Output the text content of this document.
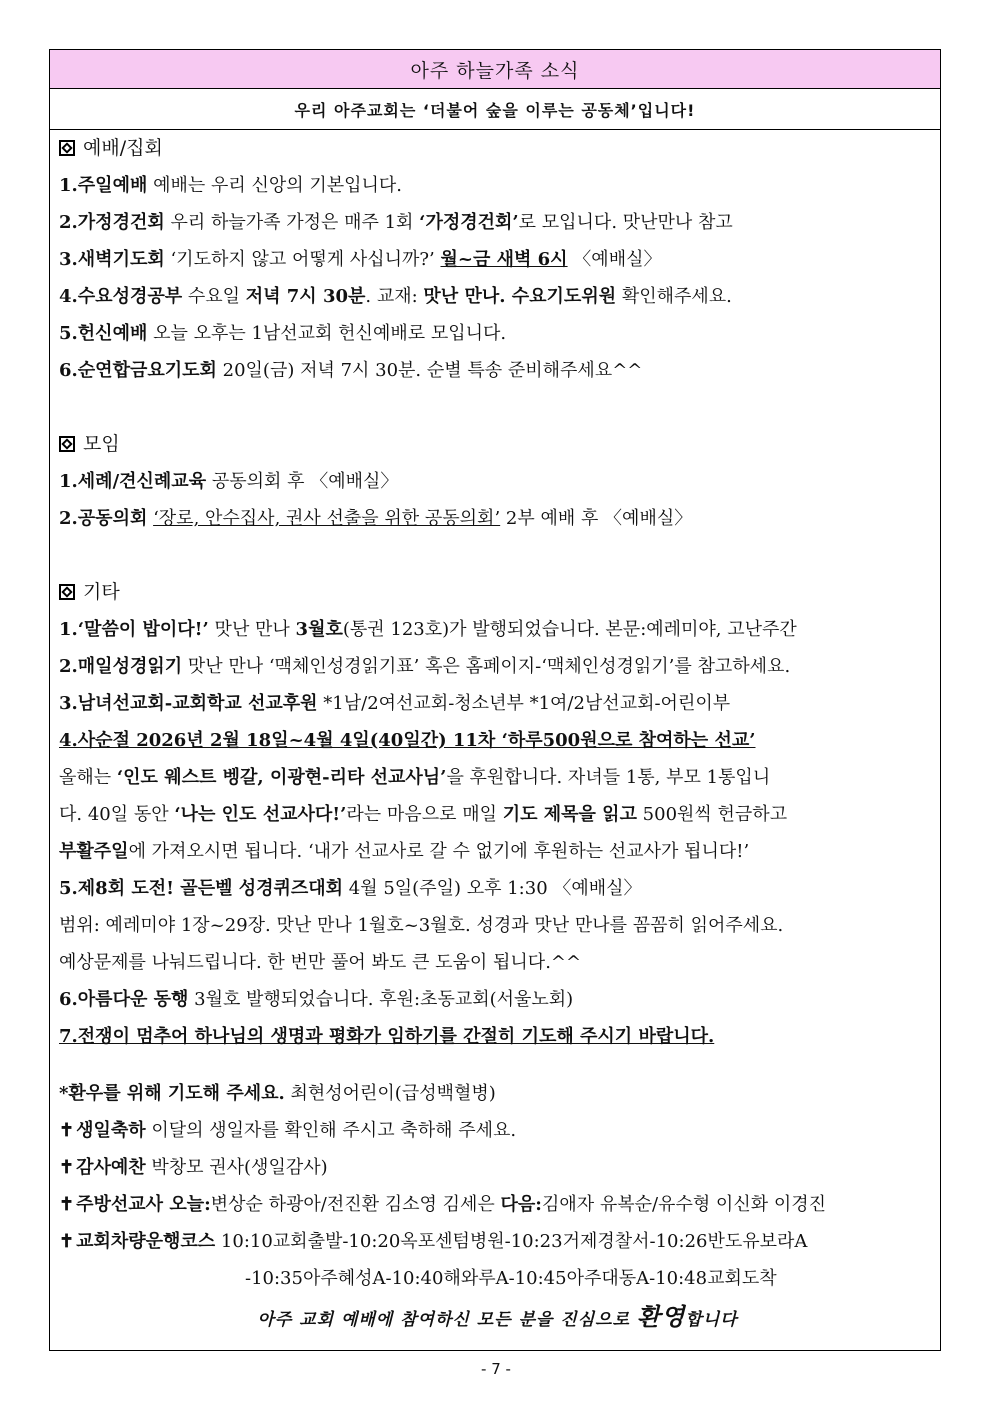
아주 하늘가족 소식
우리 아주교회는 ‘더불어 숲을 이루는 공동체’입니다!
예배/집회
1.주일예배 예배는 우리 신앙의 기본입니다.
2.가정경건회 우리 하늘가족 가정은 매주 1회 ‘가정경건회’로 모입니다. 맛난만나 참고
3.새벽기도회 ‘기도하지 않고 어떻게 사십니까?’ 월~금 새벽 6시 〈예배실〉
4.수요성경공부 수요일 저녁 7시 30분. 교재: 맛난 만나. 수요기도위원 확인해주세요.
5.헌신예배 오늘 오후는 1남선교회 헌신예배로 모입니다.
6.순연합금요기도회 20일(금) 저녁 7시 30분. 순별 특송 준비해주세요^^
모임
1.세례/견신례교육 공동의회 후 〈예배실〉
2.공동의회 ‘장로, 안수집사, 권사 선출을 위한 공동의회’ 2부 예배 후 〈예배실〉
기타
1.‘말씀이 밥이다!’ 맛난 만나 3월호(통권 123호)가 발행되었습니다. 본문:예레미야, 고난주간
2.매일성경읽기 맛난 만나 ‘맥체인성경읽기표’ 혹은 홈페이지-‘맥체인성경읽기’를 참고하세요.
3.남녀선교회-교회학교 선교후원 *1남/2여선교회-청소년부 *1여/2남선교회-어린이부
4.사순절 2026년 2월 18일~4월 4일(40일간) 11차 ‘하루500원으로 참여하는 선교’
올해는 ‘인도 웨스트 벵갈, 이광현-리타 선교사님’을 후원합니다. 자녀들 1통, 부모 1통입니
다. 40일 동안 ‘나는 인도 선교사다!’라는 마음으로 매일 기도 제목을 읽고 500원씩 헌금하고
부활주일에 가져오시면 됩니다. ‘내가 선교사로 갈 수 없기에 후원하는 선교사가 됩니다!’
5.제8회 도전! 골든벨 성경퀴즈대회 4월 5일(주일) 오후 1:30 〈예배실〉
범위: 예레미야 1장~29장. 맛난 만나 1월호~3월호. 성경과 맛난 만나를 꼼꼼히 읽어주세요.
예상문제를 나눠드립니다. 한 번만 풀어 봐도 큰 도움이 됩니다.^^
6.아름다운 동행 3월호 발행되었습니다. 후원:초동교회(서울노회)
7.전쟁이 멈추어 하나님의 생명과 평화가 임하기를 간절히 기도해 주시기 바랍니다.
*환우를 위해 기도해 주세요. 최현성어린이(급성백혈병)
✝ 생일축하 이달의 생일자를 확인해 주시고 축하해 주세요.
✝ 감사예찬 박창모 권사(생일감사)
✝ 주방선교사 오늘:변상순 하광아/전진환 김소영 김세은 다음:김애자 유복순/유수형 이신화 이경진
✝ 교회차량운행코스 10:10교회출발-10:20옥포센텀병원-10:23거제경찰서-10:26반도유보라A
-10:35아주혜성A-10:40해와루A-10:45아주대동A-10:48교회도착
아주 교회 예배에 참여하신 모든 분을 진심으로 환영합니다
- 7 -
